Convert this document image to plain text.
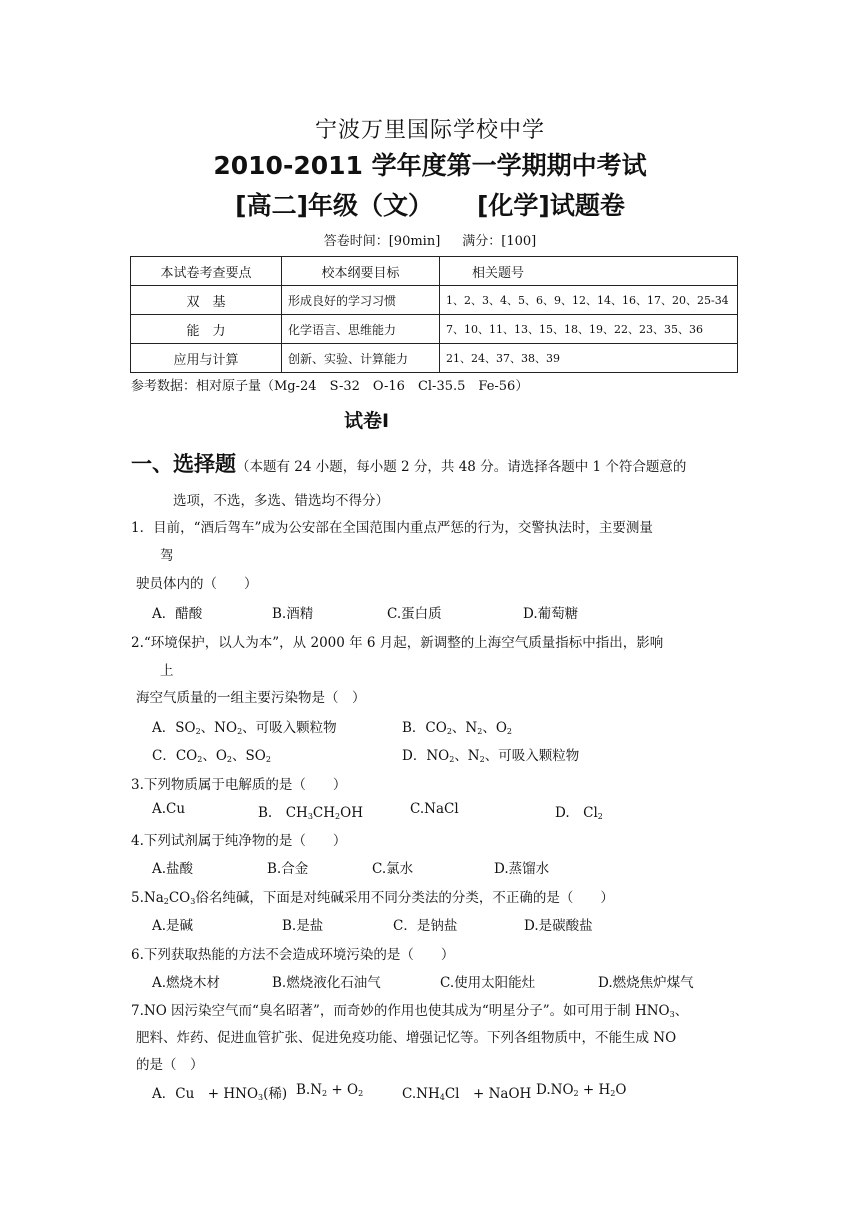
宁波万里国际学校中学
2010-2011 学年度第一学期期中考试
[高二]年级（文） [化学]试题卷
答卷时间：[90min] 满分：[100]
本试卷考查要点	校本纲要目标	相关题号
双　基	形成良好的学习习惯	1、2、3、4、5、6、9、12、14、16、17、20、25-34
能　力	化学语言、思维能力	7、10、11、13、15、18、19、22、23、35、36
应用与计算	创新、实验、计算能力	21、24、37、38、39
参考数据：相对原子量（Mg-24　S-32　O-16　Cl-35.5　Fe-56）
试卷Ⅰ
一、选择题（本题有 24 小题，每小题 2 分，共 48 分。请选择各题中 1 个符合题意的
选项，不选，多选、错选均不得分）
1．目前，“酒后驾车”成为公安部在全国范围内重点严惩的行为，交警执法时，主要测量
驾
驶员体内的（　　）
A．醋酸	B.酒精	C.蛋白质	D.葡萄糖
2.“环境保护，以人为本”，从 2000 年 6 月起，新调整的上海空气质量指标中指出，影响
上
海空气质量的一组主要污染物是（　）
A．$SO_2$、$NO_2$、可吸入颗粒物	B．$CO_2$、$N_2$、$O_2$
C．$CO_2$、$O_2$、$SO_2$	D．$NO_2$、$N_2$、可吸入颗粒物
3.下列物质属于电解质的是（　　）
A.Cu	B.　$CH_3CH_2OH$	C.NaCl	D.　$Cl_2$
4.下列试剂属于纯净物的是（　　）
A.盐酸	B.合金	C.氯水	D.蒸馏水
$5.Na_2CO_3$俗名纯碱，下面是对纯碱采用不同分类法的分类，不正确的是（　　）
A.是碱	B.是盐	C．是钠盐	D.是碳酸盐
6.下列获取热能的方法不会造成环境污染的是（　　）
A.燃烧木材	B.燃烧液化石油气	C.使用太阳能灶	D.燃烧焦炉煤气
7.NO 因污染空气而“臭名昭著”，而奇妙的作用也使其成为“明星分子”。如可用于制 $HNO_3$、
肥料、炸药、促进血管扩张、促进免疫功能、增强记忆等。下列各组物质中，不能生成 NO
的是（　）
A．Cu　+ $HNO_3$(稀) $B.N_2 + O_2$	$C.NH_4Cl$　+ NaOH $D.NO_2 + H_2O$
